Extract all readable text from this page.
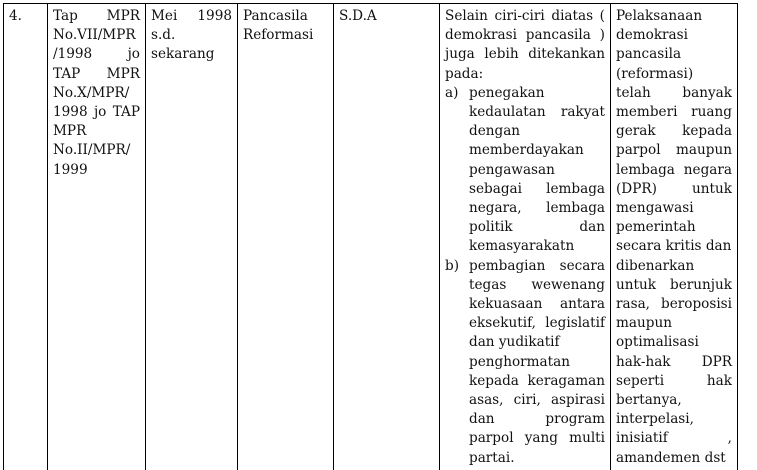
4.	Tap MPR
No.VII/MPR
/1998 jo
TAP MPR
No.X/MPR/
1998 jo TAP
MPR
No.II/MPR/
1999

Mei 1998
s.d.
sekarang

Pancasila
Reformasi
	S.D.A	Selain ciri-ciri diatas (
demokrasi pancasila )
juga lebih ditekankan
pada:
a) penegakan
kedaulatan rakyat
dengan
memberdayakan
pengawasan
sebagai lembaga
negara, lembaga
politik dan
kemasyarakatn
b) pembagian secara
tegas wewenang
kekuasaan antara
eksekutif, legislatif
dan yudikatif
penghormatan
kepada keragaman
asas, ciri, aspirasi
dan program
parpol yang multi
partai.

Pelaksanaan
demokrasi
pancasila
(reformasi)
telah banyak
memberi ruang
gerak kepada
parpol maupun
lembaga negara
(DPR) untuk
mengawasi
pemerintah
secara kritis dan
dibenarkan
untuk berunjuk
rasa, beroposisi
maupun
optimalisasi
hak-hak DPR
seperti hak
bertanya,
interpelasi,
inisiatif ,
amandemen dst
